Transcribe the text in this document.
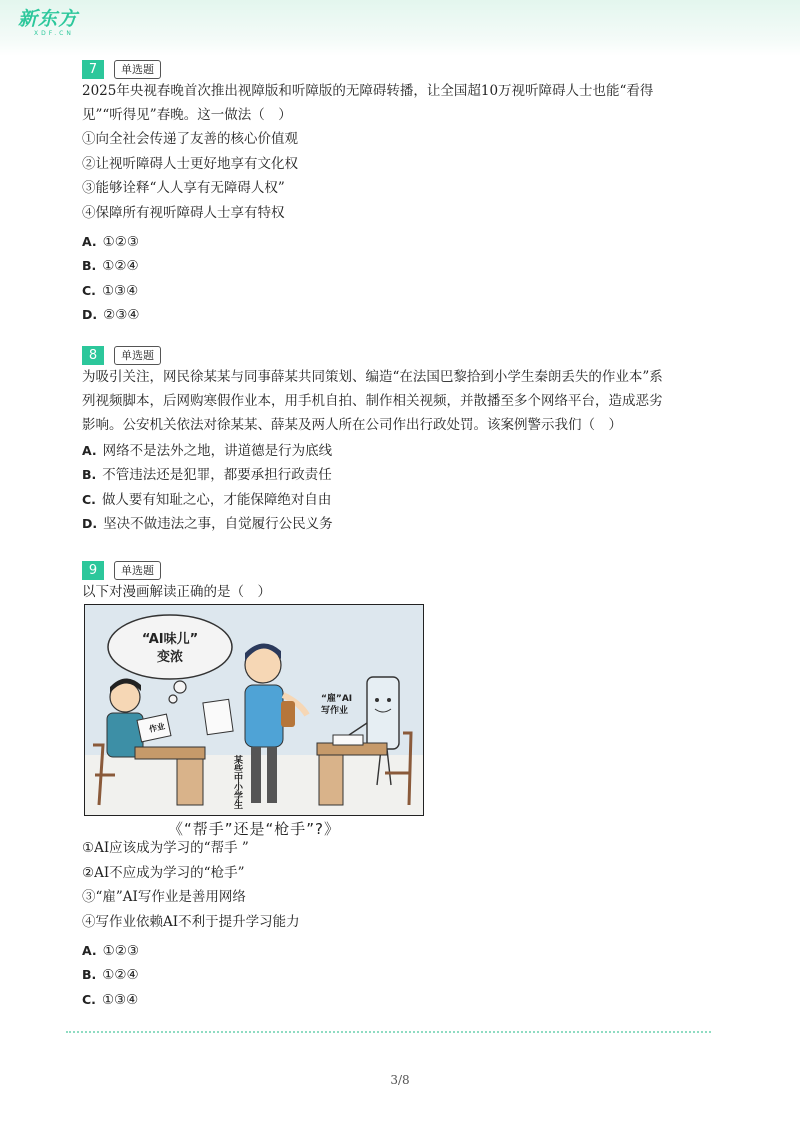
新东方
XDF.CN
7	单选题
2025年央视春晚首次推出视障版和听障版的无障碍转播，让全国超10万视听障碍人士也能“看得
见”“听得见”春晚。这一做法（　）
①向全社会传递了友善的核心价值观
②让视听障碍人士更好地享有文化权
③能够诠释“人人享有无障碍人权”
④保障所有视听障碍人士享有特权
A. ①②③
B. ①②④
C. ①③④
D. ②③④
8	单选题
为吸引关注，网民徐某某与同事薛某共同策划、编造“在法国巴黎拾到小学生秦朗丢失的作业本”系
列视频脚本，后网购寒假作业本，用手机自拍、制作相关视频，并散播至多个网络平台，造成恶劣
影响。公安机关依法对徐某某、薛某及两人所在公司作出行政处罚。该案例警示我们（　）
A. 网络不是法外之地，讲道德是行为底线
B. 不管违法还是犯罪，都要承担行政责任
C. 做人要有知耻之心，才能保障绝对自由
D. 坚决不做违法之事，自觉履行公民义务
9	单选题
以下对漫画解读正确的是（　）
“AI味儿”
变浓
作业
某些中小学生
“雇”AI
写作业
《“帮手”还是“枪手”?》
①AI应该成为学习的“帮手 ”
②AI不应成为学习的“枪手”
③“雇”AI写作业是善用网络
④写作业依赖AI不利于提升学习能力
A. ①②③
B. ①②④
C. ①③④
3/8
